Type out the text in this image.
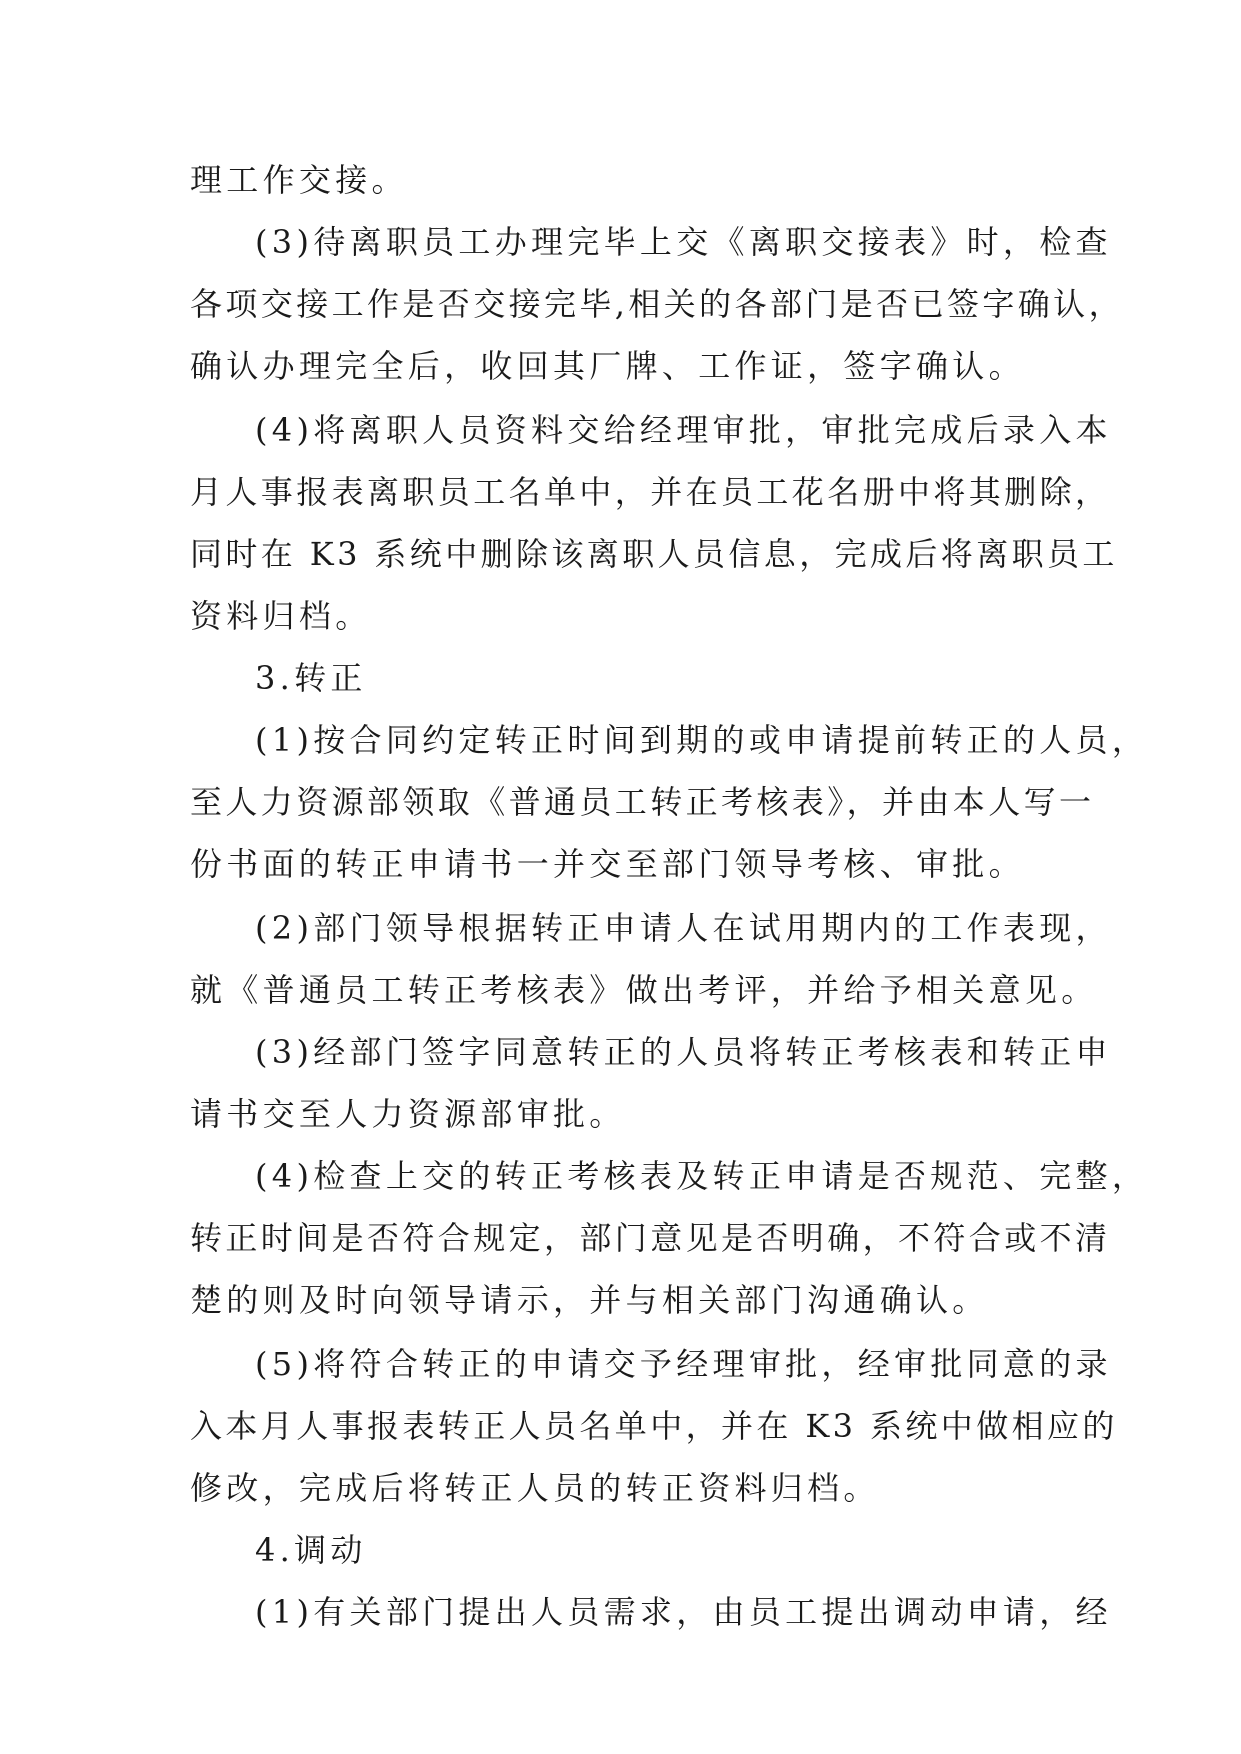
理工作交接。
(3)待离职员工办理完毕上交《离职交接表》时，检查
各项交接工作是否交接完毕,相关的各部门是否已签字确认，
确认办理完全后，收回其厂牌、工作证，签字确认。
(4)将离职人员资料交给经理审批，审批完成后录入本
月人事报表离职员工名单中，并在员工花名册中将其删除，
同时在 K3 系统中删除该离职人员信息，完成后将离职员工
资料归档。
3.转正
(1)按合同约定转正时间到期的或申请提前转正的人员，
至人力资源部领取《普通员工转正考核表》，并由本人写一
份书面的转正申请书一并交至部门领导考核、审批。
(2)部门领导根据转正申请人在试用期内的工作表现，
就《普通员工转正考核表》做出考评，并给予相关意见。
(3)经部门签字同意转正的人员将转正考核表和转正申
请书交至人力资源部审批。
(4)检查上交的转正考核表及转正申请是否规范、完整，
转正时间是否符合规定，部门意见是否明确，不符合或不清
楚的则及时向领导请示，并与相关部门沟通确认。
(5)将符合转正的申请交予经理审批，经审批同意的录
入本月人事报表转正人员名单中，并在 K3 系统中做相应的
修改，完成后将转正人员的转正资料归档。
4.调动
(1)有关部门提出人员需求，由员工提出调动申请，经
